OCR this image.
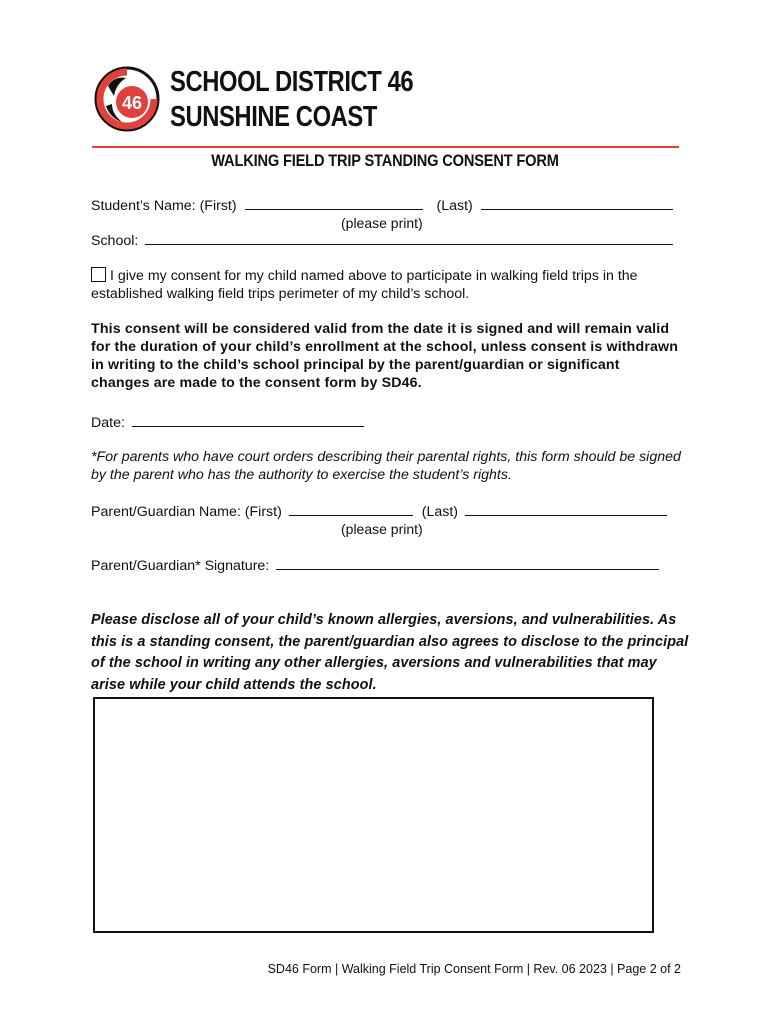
46
SCHOOL DISTRICT 46
SUNSHINE COAST
WALKING FIELD TRIP STANDING CONSENT FORM
Student’s Name: (First)	(Last)
(please print)
School:
I give my consent for my child named above to participate in walking field trips in the
established walking field trips perimeter of my child’s school.
This consent will be considered valid from the date it is signed and will remain valid for the duration of your child’s enrollment at the school, unless consent is withdrawn in writing to the child’s school principal by the parent/guardian or significant changes are made to the consent form by SD46.
Date:
*For parents who have court orders describing their parental rights, this form should be signed by the parent who has the authority to exercise the student’s rights.
Parent/Guardian Name: (First)	(Last)
(please print)
Parent/Guardian* Signature:
Please disclose all of your child’s known allergies, aversions, and vulnerabilities. As this is a standing consent, the parent/guardian also agrees to disclose to the principal of the school in writing any other allergies, aversions and vulnerabilities that may arise while your child attends the school.
SD46 Form | Walking Field Trip Consent Form | Rev. 06 2023 | Page 2 of 2
